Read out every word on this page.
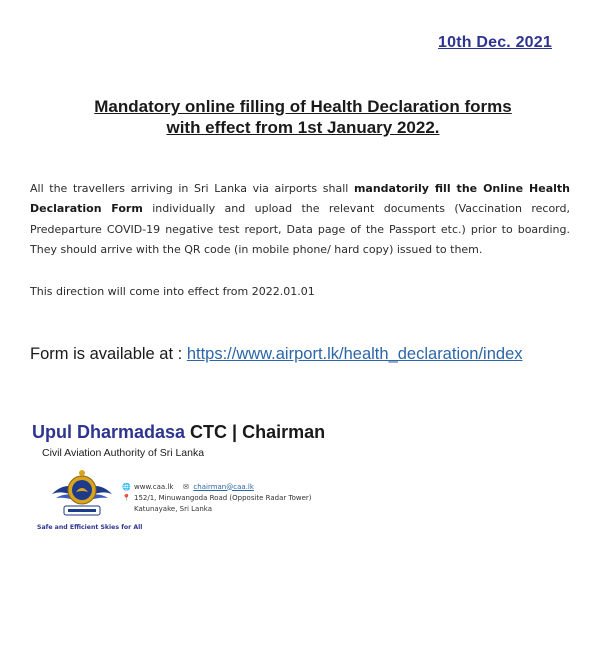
10th Dec. 2021
Mandatory online filling of Health Declaration forms
with effect from 1st January 2022.
All the travellers arriving in Sri Lanka via airports shall mandatorily fill the Online Health Declaration Form individually and upload the relevant documents (Vaccination record, Predeparture COVID-19 negative test report, Data page of the Passport etc.) prior to boarding. They should arrive with the QR code (in mobile phone/ hard copy) issued to them.
This direction will come into effect from 2022.01.01
Form is available at : https://www.airport.lk/health_declaration/index
Upul Dharmadasa CTC | Chairman
Civil Aviation Authority of Sri Lanka
🌐 www.caa.lk ✉ chairman@caa.lk
📍 152/1, Minuwangoda Road (Opposite Radar Tower)
Katunayake, Sri Lanka
Safe and Efficient Skies for All
